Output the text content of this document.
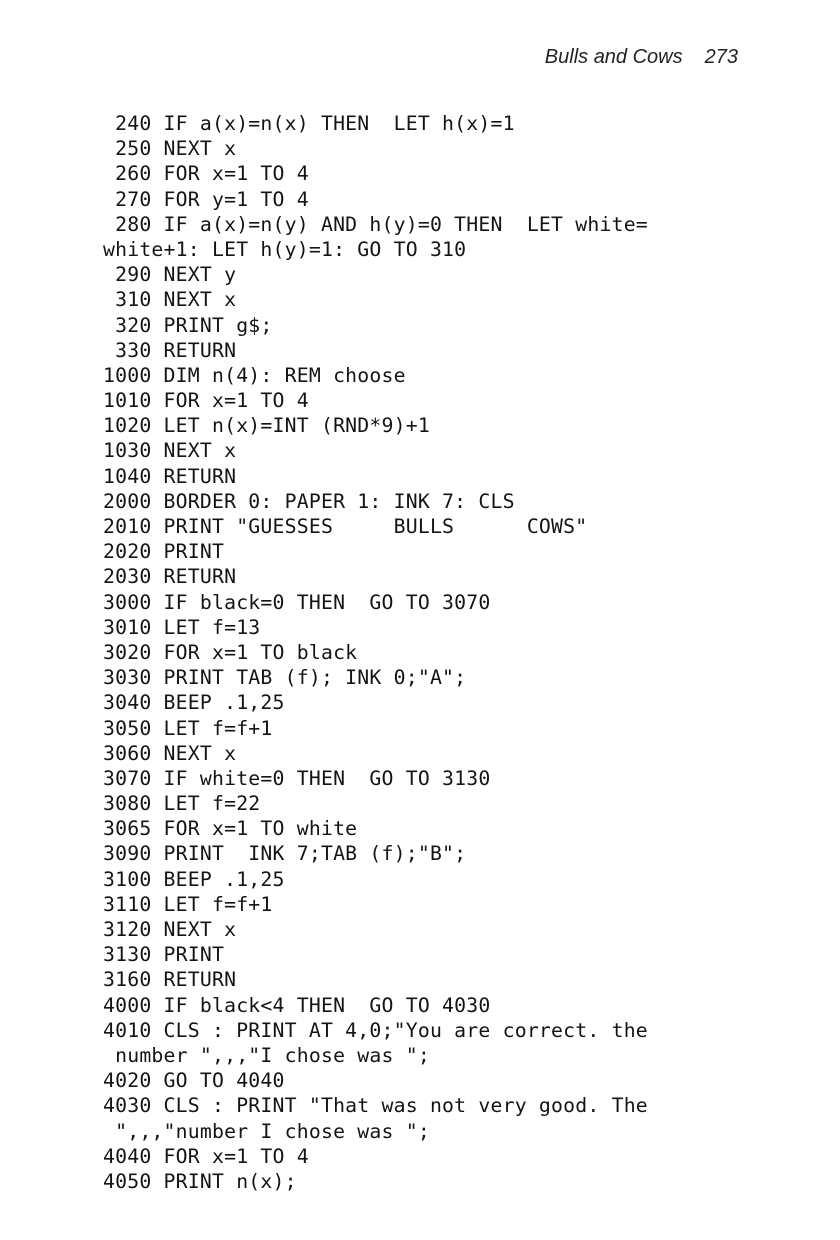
Bulls and Cows 273
240 IF a(x)=n(x) THEN  LET h(x)=1
250 NEXT x
260 FOR x=1 TO 4
270 FOR y=1 TO 4
280 IF a(x)=n(y) AND h(y)=0 THEN  LET white=
white+1: LET h(y)=1: GO TO 310
290 NEXT y
310 NEXT x
320 PRINT g$;
330 RETURN
1000 DIM n(4): REM choose
1010 FOR x=1 TO 4
1020 LET n(x)=INT (RND*9)+1
1030 NEXT x
1040 RETURN
2000 BORDER 0: PAPER 1: INK 7: CLS
2010 PRINT "GUESSES     BULLS      COWS"
2020 PRINT
2030 RETURN
3000 IF black=0 THEN  GO TO 3070
3010 LET f=13
3020 FOR x=1 TO black
3030 PRINT TAB (f); INK 0;"A";
3040 BEEP .1,25
3050 LET f=f+1
3060 NEXT x
3070 IF white=0 THEN  GO TO 3130
3080 LET f=22
3065 FOR x=1 TO white
3090 PRINT  INK 7;TAB (f);"B";
3100 BEEP .1,25
3110 LET f=f+1
3120 NEXT x
3130 PRINT
3160 RETURN
4000 IF black<4 THEN  GO TO 4030
4010 CLS : PRINT AT 4,0;"You are correct. the
number ",,,"I chose was ";
4020 GO TO 4040
4030 CLS : PRINT "That was not very good. The
",,,"number I chose was ";
4040 FOR x=1 TO 4
4050 PRINT n(x);
